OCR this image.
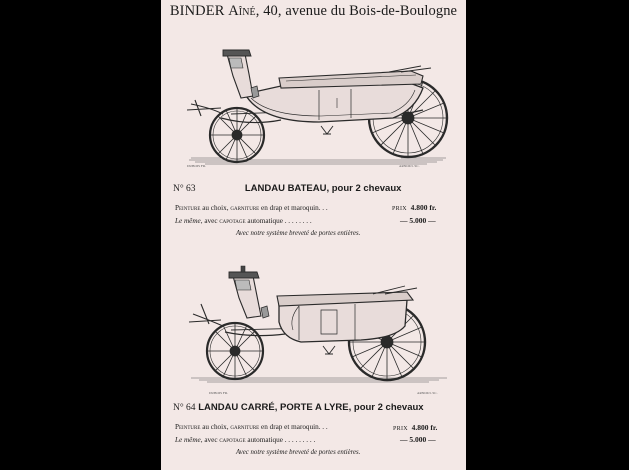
BINDER Aîné, 40, avenue du Bois-de-Boulogne
DUBOIS FR.	ARNOUL SC.
N° 63	LANDAU BATEAU, pour 2 chevaux
Peinture au choix, garniture en drap et maroquin. . .	PRIX 4.800 fr.
Le même, avec capotage automatique . . . . . . . .	— 5.000 —
Avec notre système breveté de portes entières.
DUBOIS FR.	ARNOUL SC.
N° 64 LANDAU CARRÉ, PORTE A LYRE, pour 2 chevaux
Peinture au choix, garniture en drap et maroquin. . .	PRIX 4.800 fr.
Le même, avec capotage automatique . . . . . . . . .	— 5.000 —
Avec notre système breveté de portes entières.
